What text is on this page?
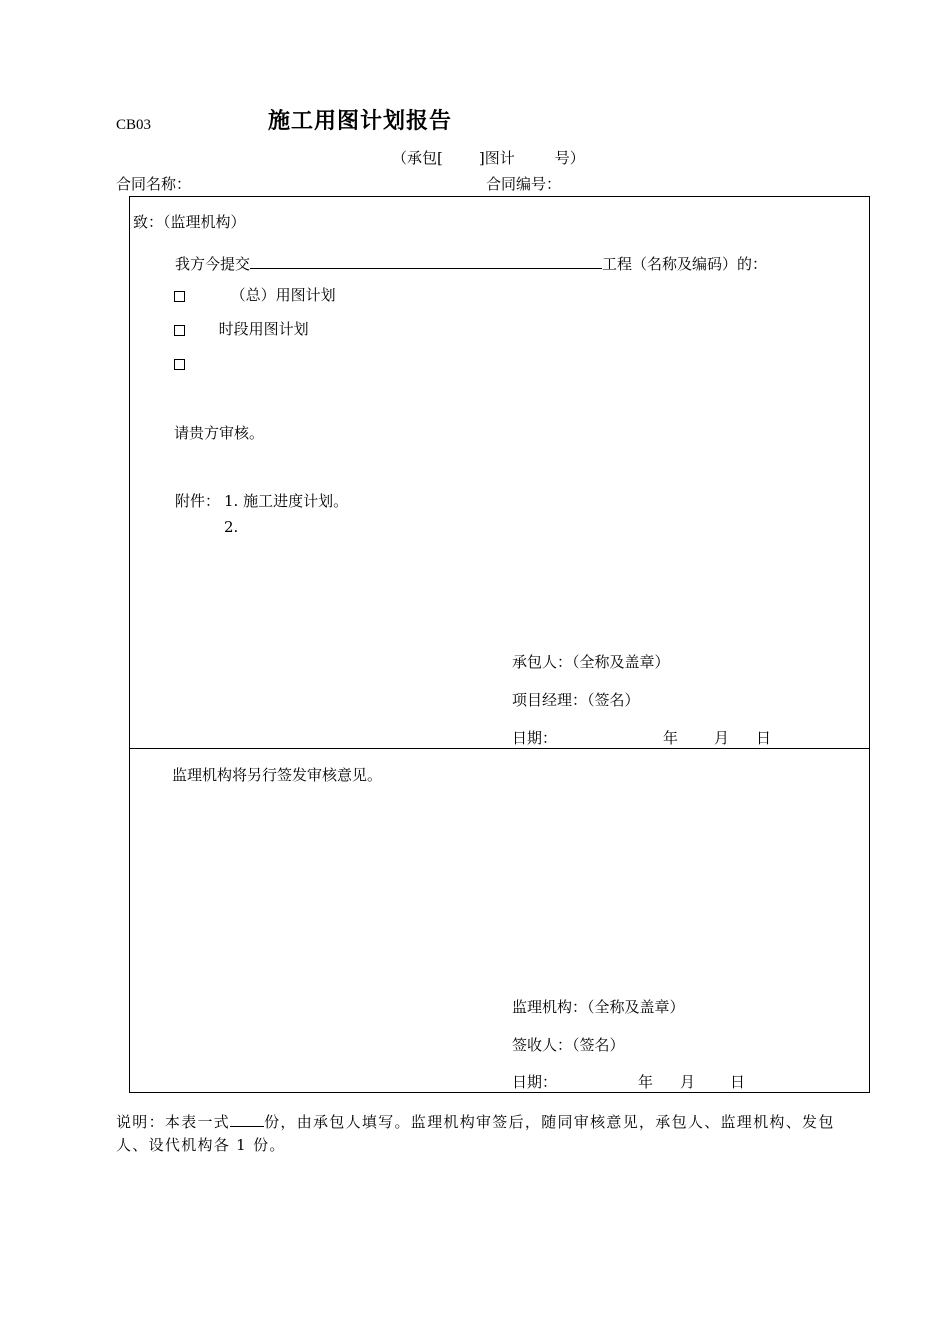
CB03	施工用图计划报告
（承包[ ]图计	号）
合同名称：	合同编号：
致：（监理机构）
我方今提交	工程（名称及编码）的：
（总）用图计划
时段用图计划
请贵方审核。
附件： 1. 施工进度计划。
2.
承包人：（全称及盖章）
项目经理：（签名）
日期：	年 月 日
监理机构将另行签发审核意见。
监理机构：（全称及盖章）
签收人：（签名）
日期：	年 月 日
说明：本表一式 份，由承包人填写。监理机构审签后，随同审核意见，承包人、监理机构、发包人、设代机构各 1 份。
